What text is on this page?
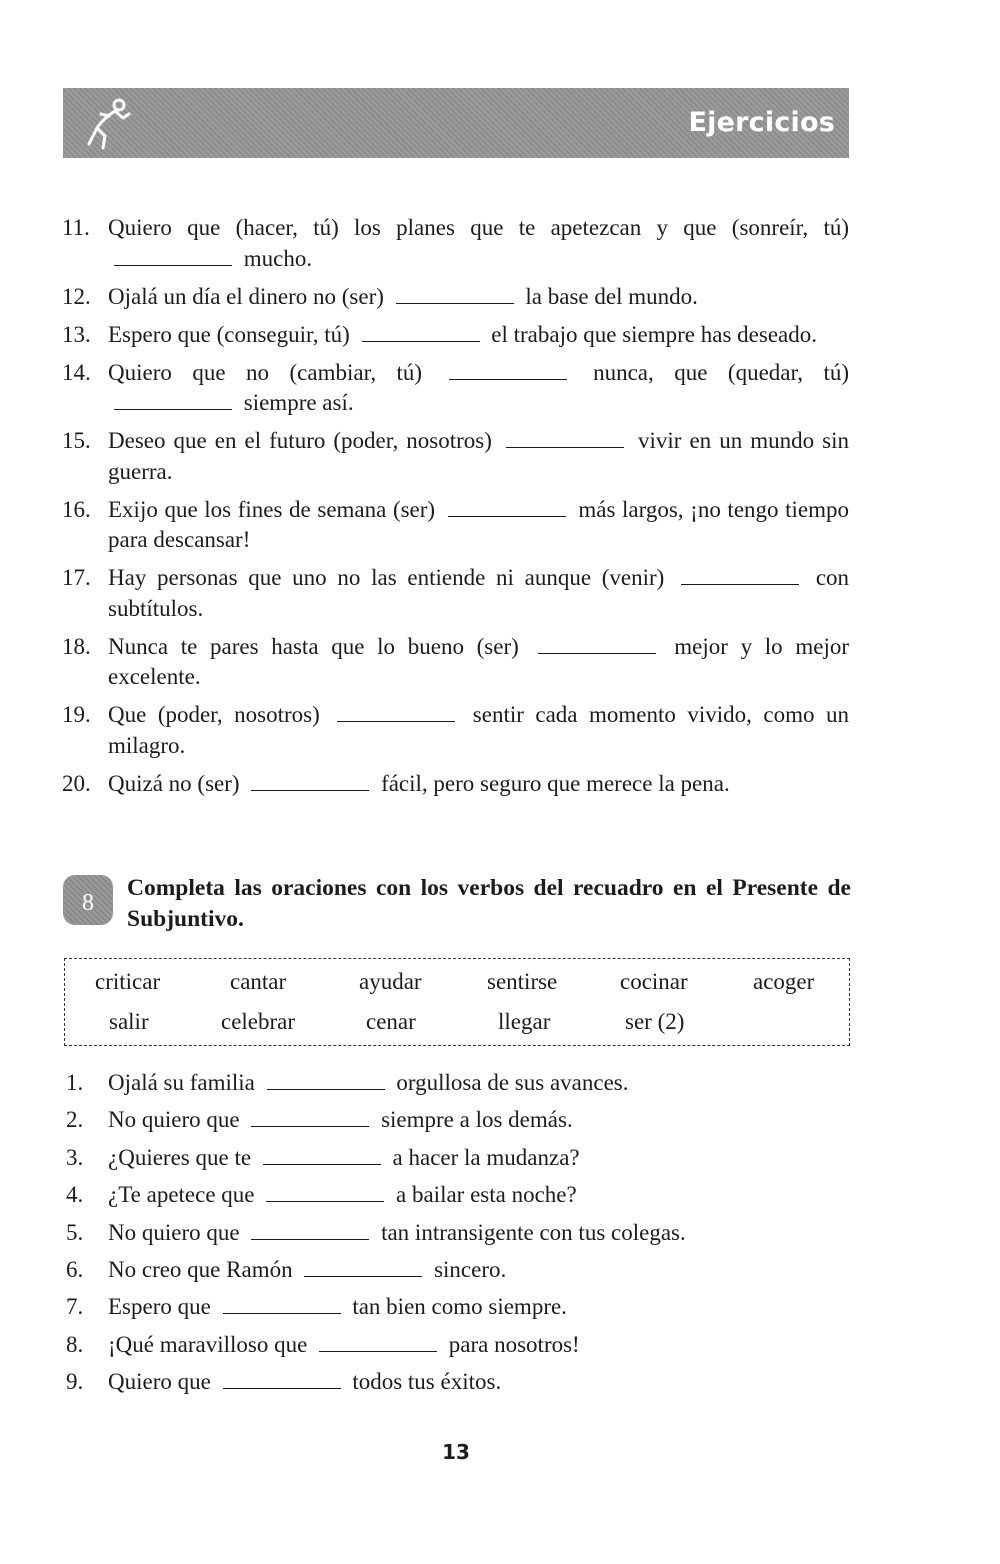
Ejercicios
11. Quiero que (hacer, tú) los planes que te apetezcan y que (sonreír, tú)  mucho.
12. Ojalá un día el dinero no (ser)	la base del mundo.
13. Espero que (conseguir, tú)	el trabajo que siempre has deseado.
14. Quiero que no (cambiar, tú)	nunca, que (quedar, tú)  siempre así.
15. Deseo que en el futuro (poder, nosotros)	vivir en un mundo sin guerra.
16. Exijo que los fines de semana (ser)	más largos, ¡no tengo tiempo para descansar!
17. Hay personas que uno no las entiende ni aunque (venir)	con subtítulos.
18. Nunca te pares hasta que lo bueno (ser)	mejor y lo mejor excelente.
19. Que (poder, nosotros)	sentir cada momento vivido, como un milagro.
20. Quizá no (ser)	fácil, pero seguro que merece la pena.
8
Completa las oraciones con los verbos del recuadro en el Presente de Subjuntivo.
criticar	cantar	ayudar	sentirse	cocinar	acoger
salir	celebrar	cenar	llegar	ser (2)
1.	Ojalá su familia	orgullosa de sus avances.
2.	No quiero que	siempre a los demás.
3.	¿Quieres que te	a hacer la mudanza?
4.	¿Te apetece que	a bailar esta noche?
5.	No quiero que	tan intransigente con tus colegas.
6.	No creo que Ramón	sincero.
7.	Espero que	tan bien como siempre.
8.	¡Qué maravilloso que	para nosotros!
9.	Quiero que	todos tus éxitos.
13
